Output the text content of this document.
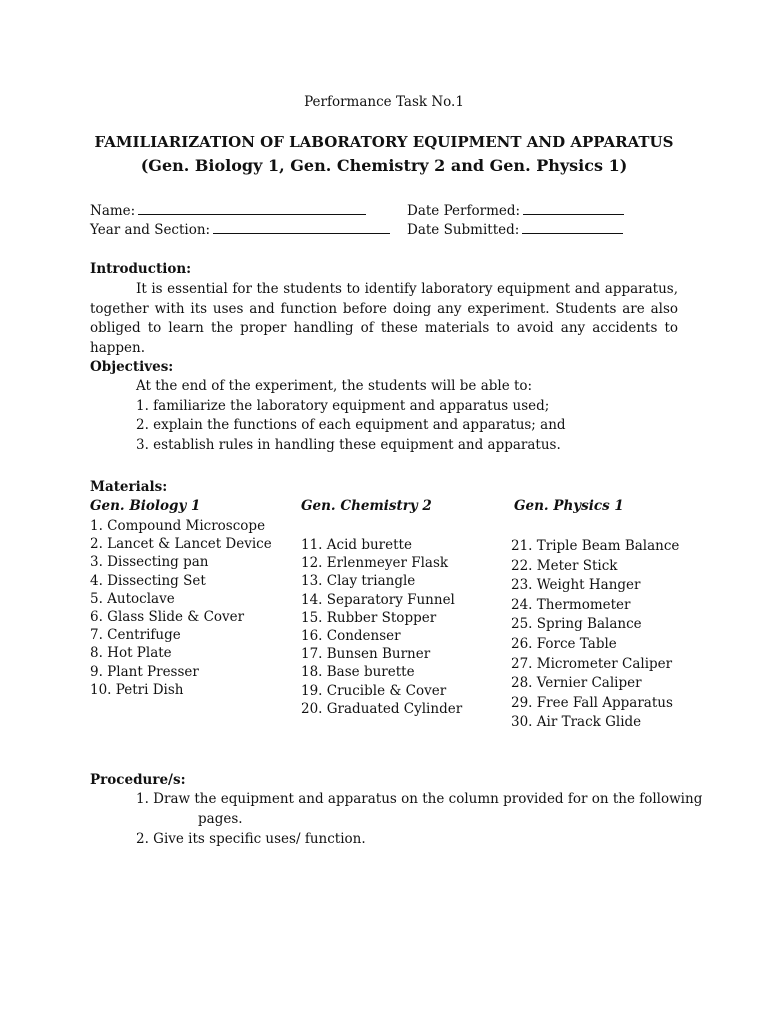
Performance Task No.1
FAMILIARIZATION OF LABORATORY EQUIPMENT AND APPARATUS
(Gen. Biology 1, Gen. Chemistry 2 and Gen. Physics 1)
Name:	Date Performed:
Year and Section:	Date Submitted:
Introduction:
It is essential for the students to identify laboratory equipment and apparatus, together with its uses and function before doing any experiment. Students are also obliged to learn the proper handling of these materials to avoid any accidents to happen.
Objectives:
At the end of the experiment, the students will be able to:
1. familiarize the laboratory equipment and apparatus used;
2. explain the functions of each equipment and apparatus; and
3. establish rules in handling these equipment and apparatus.
Materials:
Gen. Biology 1
1. Compound Microscope
2. Lancet & Lancet Device
3. Dissecting pan
4. Dissecting Set
5. Autoclave
6. Glass Slide & Cover
7. Centrifuge
8. Hot Plate
9. Plant Presser
10. Petri Dish
Gen. Chemistry 2
11. Acid burette
12. Erlenmeyer Flask
13. Clay triangle
14. Separatory Funnel
15. Rubber Stopper
16. Condenser
17. Bunsen Burner
18. Base burette
19. Crucible & Cover
20. Graduated Cylinder
Gen. Physics 1
21. Triple Beam Balance
22. Meter Stick
23. Weight Hanger
24. Thermometer
25. Spring Balance
26. Force Table
27. Micrometer Caliper
28. Vernier Caliper
29. Free Fall Apparatus
30. Air Track Glide
Procedure/s:
1. Draw the equipment and apparatus on the column provided for on the following
pages.
2. Give its specific uses/ function.
